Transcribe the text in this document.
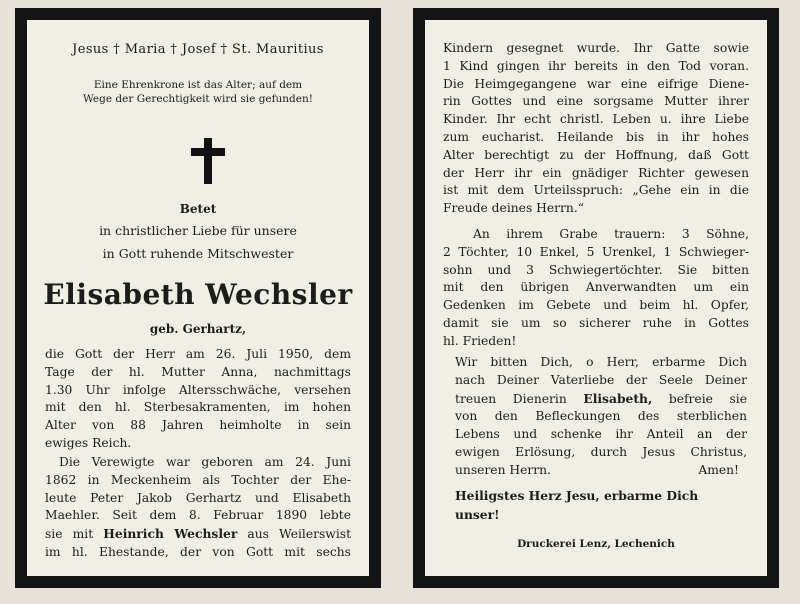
Jesus † Maria † Josef † St. Mauritius
Eine Ehrenkrone ist das Alter; auf dem
Wege der Gerechtigkeit wird sie gefunden!
Betet
in christlicher Liebe für unsere
in Gott ruhende Mitschwester
Elisabeth Wechsler
geb. Gerhartz,
die Gott der Herr am 26. Juli 1950, dem
Tage der hl. Mutter Anna, nachmittags
1.30 Uhr infolge Altersschwäche, versehen
mit den hl. Sterbesakramenten, im hohen
Alter von 88 Jahren heimholte in sein
ewiges Reich.
Die Verewigte war geboren am 24. Juni
1862 in Meckenheim als Tochter der Ehe-
leute Peter Jakob Gerhartz und Elisabeth
Maehler. Seit dem 8. Februar 1890 lebte
sie mit Heinrich Wechsler aus Weilerswist
im hl. Ehestande, der von Gott mit sechs
Kindern gesegnet wurde. Ihr Gatte sowie
1 Kind gingen ihr bereits in den Tod voran.
Die Heimgegangene war eine eifrige Diene-
rin Gottes und eine sorgsame Mutter ihrer
Kinder. Ihr echt christl. Leben u. ihre Liebe
zum eucharist. Heilande bis in ihr hohes
Alter berechtigt zu der Hoffnung, daß Gott
der Herr ihr ein gnädiger Richter gewesen
ist mit dem Urteilsspruch: „Gehe ein in die
Freude deines Herrn.“
An ihrem Grabe trauern: 3 Söhne,
2 Töchter, 10 Enkel, 5 Urenkel, 1 Schwieger-
sohn und 3 Schwiegertöchter. Sie bitten
mit den übrigen Anverwandten um ein
Gedenken im Gebete und beim hl. Opfer,
damit sie um so sicherer ruhe in Gottes
hl. Frieden!
Wir bitten Dich, o Herr, erbarme Dich
nach Deiner Vaterliebe der Seele Deiner
treuen Dienerin Elisabeth, befreie sie
von den Befleckungen des sterblichen
Lebens und schenke ihr Anteil an der
ewigen Erlösung, durch Jesus Christus,
unseren Herrn.	Amen!
Heiligstes Herz Jesu, erbarme Dich
unser!
Druckerei Lenz, Lechenich
